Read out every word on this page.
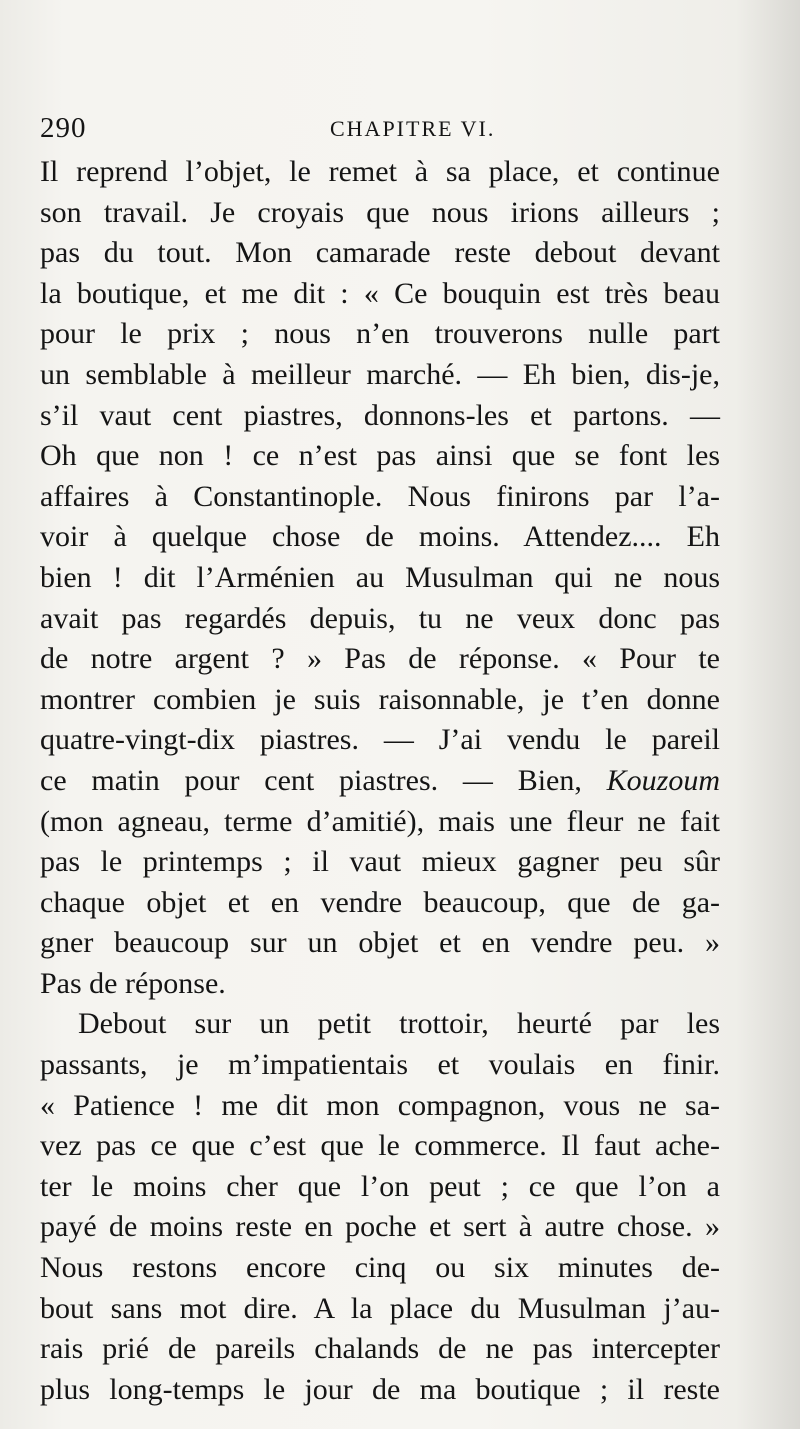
290	CHAPITRE VI.
Il reprend l’objet, le remet à sa place, et continue
son travail. Je croyais que nous irions ailleurs ;
pas du tout. Mon camarade reste debout devant
la boutique, et me dit : « Ce bouquin est très beau
pour le prix ; nous n’en trouverons nulle part
un semblable à meilleur marché. — Eh bien, dis-je,
s’il vaut cent piastres, donnons-les et partons. —
Oh que non ! ce n’est pas ainsi que se font les
affaires à Constantinople. Nous finirons par l’a-
voir à quelque chose de moins. Attendez.... Eh
bien ! dit l’Arménien au Musulman qui ne nous
avait pas regardés depuis, tu ne veux donc pas
de notre argent ? » Pas de réponse. « Pour te
montrer combien je suis raisonnable, je t’en donne
quatre-vingt-dix piastres. — J’ai vendu le pareil
ce matin pour cent piastres. — Bien, Kouzoum
(mon agneau, terme d’amitié), mais une fleur ne fait
pas le printemps ; il vaut mieux gagner peu sûr
chaque objet et en vendre beaucoup, que de ga-
gner beaucoup sur un objet et en vendre peu. »
Pas de réponse.
Debout sur un petit trottoir, heurté par les
passants, je m’impatientais et voulais en finir.
« Patience ! me dit mon compagnon, vous ne sa-
vez pas ce que c’est que le commerce. Il faut ache-
ter le moins cher que l’on peut ; ce que l’on a
payé de moins reste en poche et sert à autre chose. »
Nous restons encore cinq ou six minutes de-
bout sans mot dire. A la place du Musulman j’au-
rais prié de pareils chalands de ne pas intercepter
plus long-temps le jour de ma boutique ; il reste
